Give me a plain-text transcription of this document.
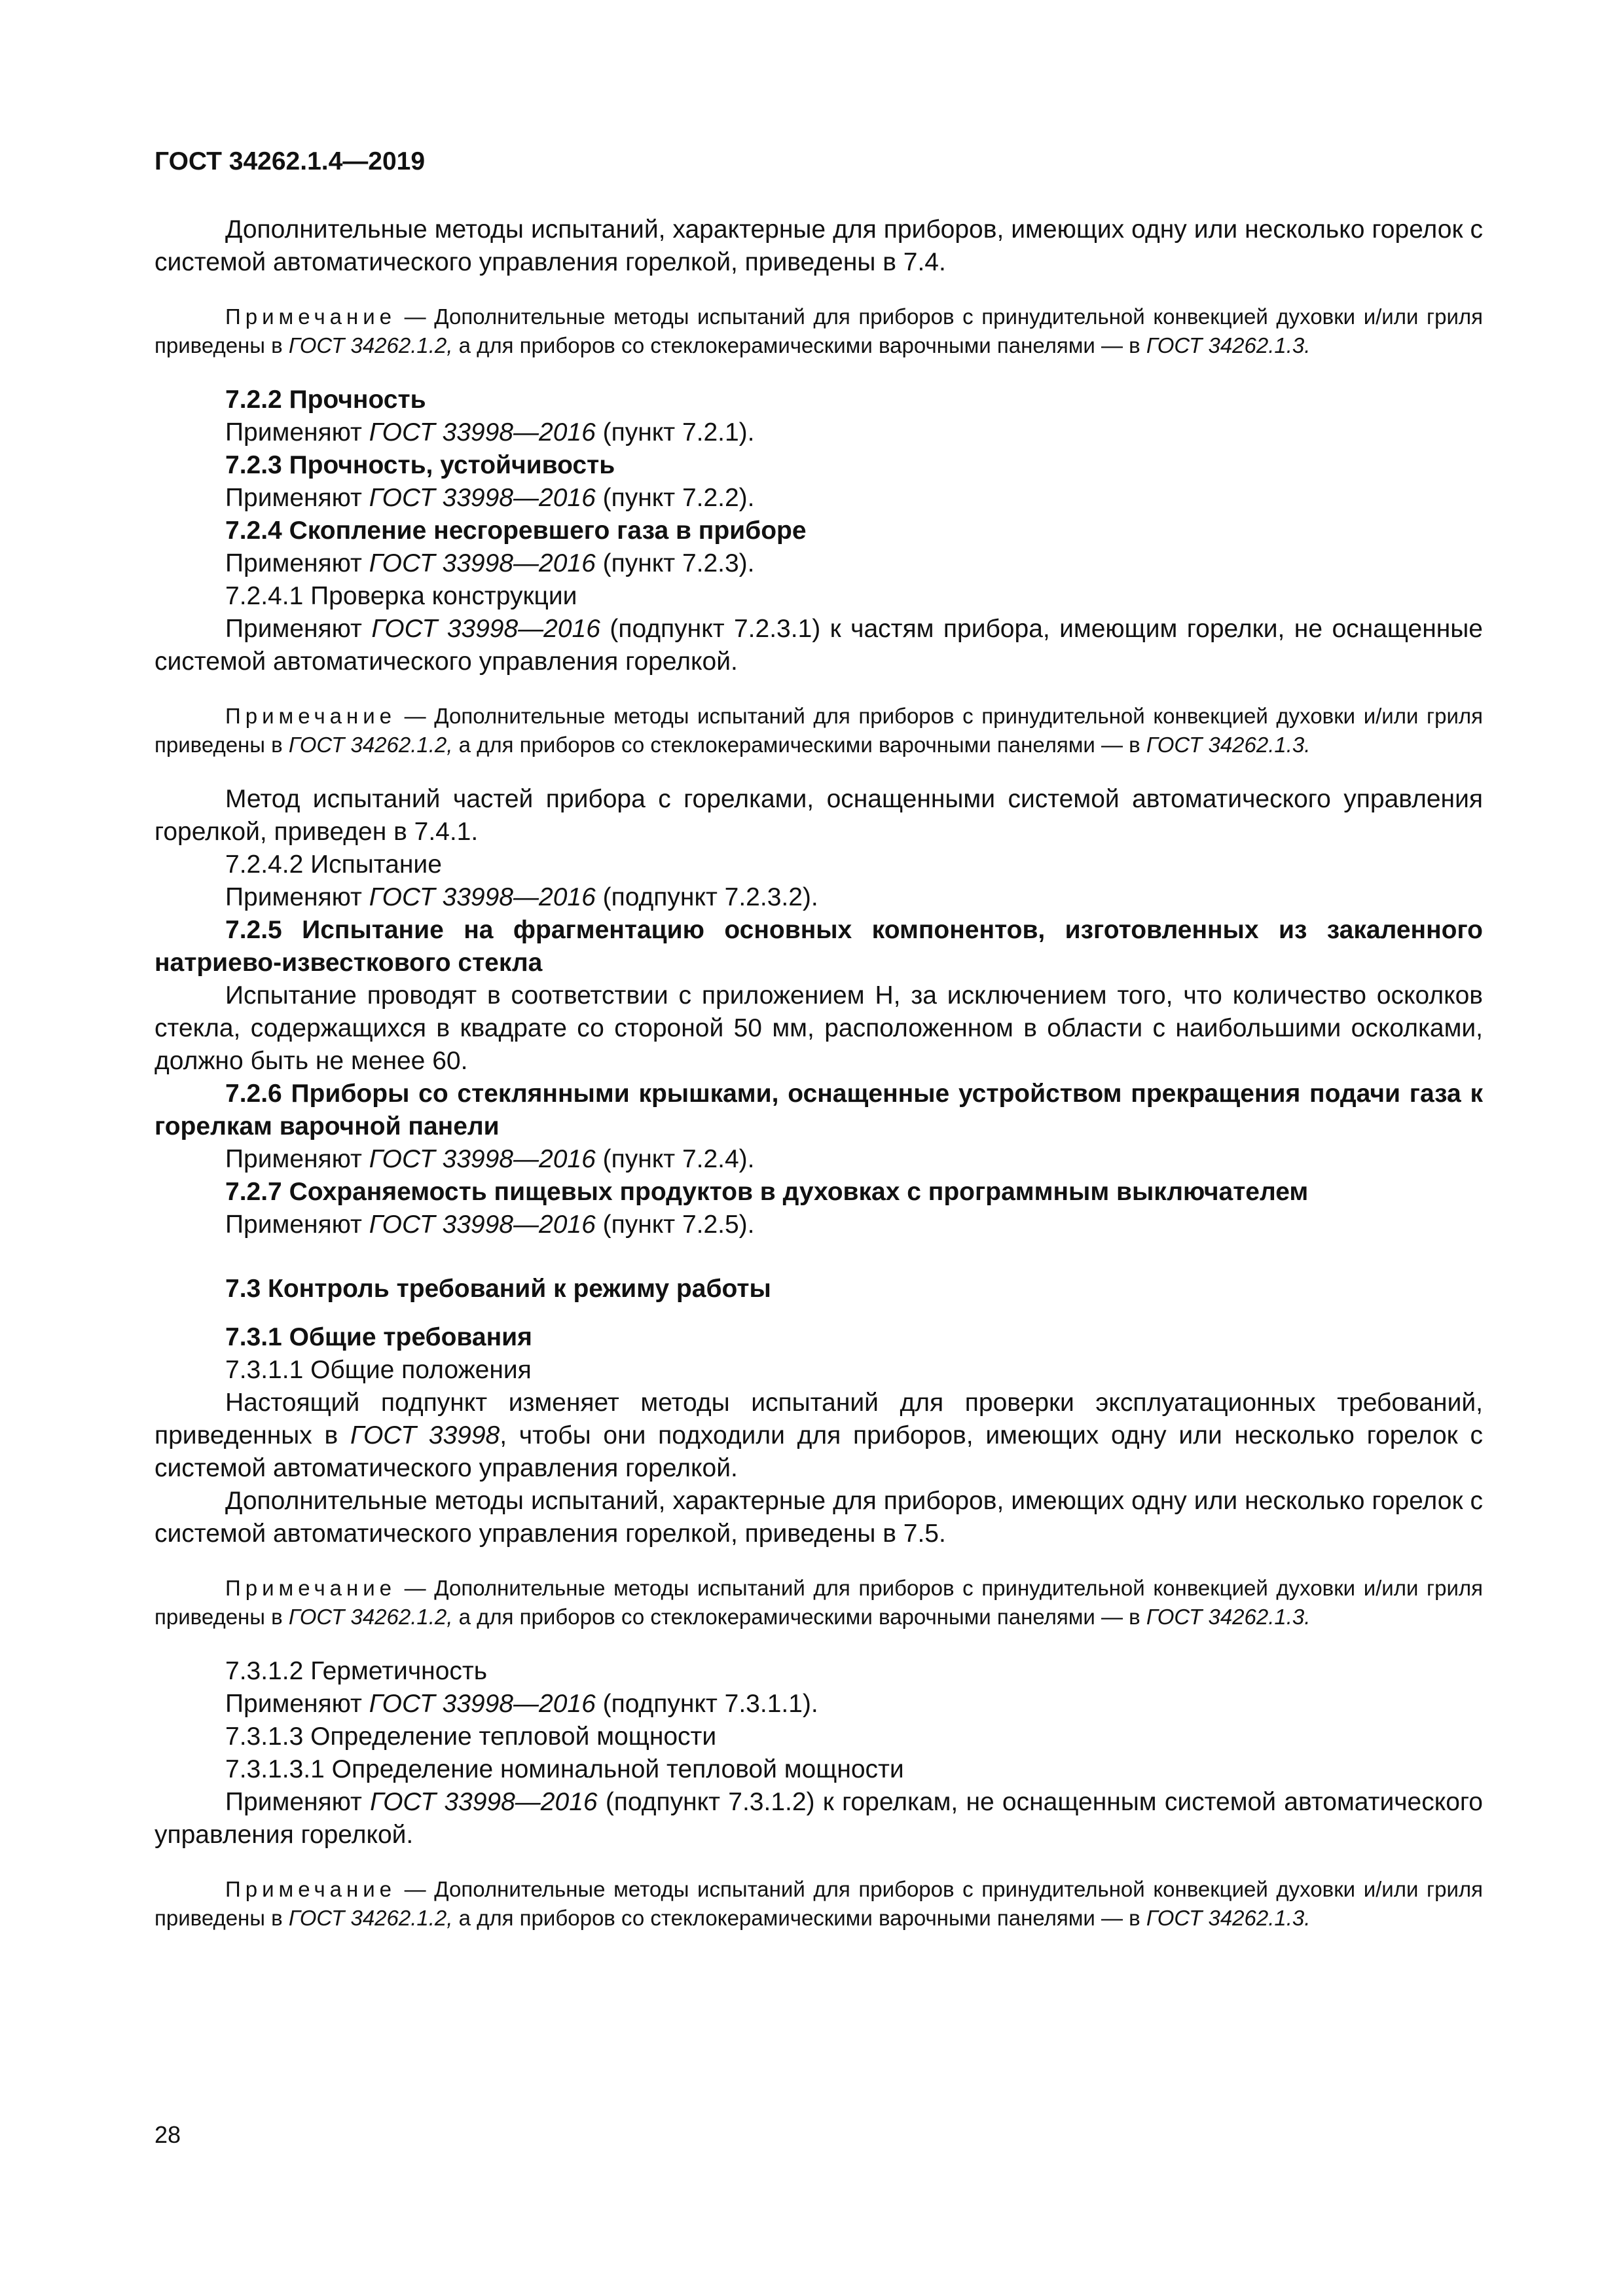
ГОСТ 34262.1.4—2019

Дополнительные методы испытаний, характерные для приборов, имеющих одну или несколько горелок с системой автоматического управления горелкой, приведены в 7.4.

Примечание — Дополнительные методы испытаний для приборов с принудительной конвекцией духовки и/или гриля приведены в ГОСТ 34262.1.2, а для приборов со стеклокерамическими варочными панелями — в ГОСТ 34262.1.3.

7.2.2 Прочность

Применяют ГОСТ 33998—2016 (пункт 7.2.1).

7.2.3 Прочность, устойчивость

Применяют ГОСТ 33998—2016 (пункт 7.2.2).

7.2.4 Скопление несгоревшего газа в приборе

Применяют ГОСТ 33998—2016 (пункт 7.2.3).

7.2.4.1 Проверка конструкции

Применяют ГОСТ 33998—2016 (подпункт 7.2.3.1) к частям прибора, имеющим горелки, не оснащенные системой автоматического управления горелкой.

Примечание — Дополнительные методы испытаний для приборов с принудительной конвекцией духовки и/или гриля приведены в ГОСТ 34262.1.2, а для приборов со стеклокерамическими варочными панелями — в ГОСТ 34262.1.3.

Метод испытаний частей прибора с горелками, оснащенными системой автоматического управления горелкой, приведен в 7.4.1.

7.2.4.2 Испытание

Применяют ГОСТ 33998—2016 (подпункт 7.2.3.2).

7.2.5 Испытание на фрагментацию основных компонентов, изготовленных из закаленного натриево-известкового стекла

Испытание проводят в соответствии с приложением Н, за исключением того, что количество осколков стекла, содержащихся в квадрате со стороной 50 мм, расположенном в области с наибольшими осколками, должно быть не менее 60.

7.2.6 Приборы со стеклянными крышками, оснащенные устройством прекращения подачи газа к горелкам варочной панели

Применяют ГОСТ 33998—2016 (пункт 7.2.4).

7.2.7 Сохраняемость пищевых продуктов в духовках с программным выключателем

Применяют ГОСТ 33998—2016 (пункт 7.2.5).

7.3 Контроль требований к режиму работы

7.3.1 Общие требования

7.3.1.1 Общие положения

Настоящий подпункт изменяет методы испытаний для проверки эксплуатационных требований, приведенных в ГОСТ 33998, чтобы они подходили для приборов, имеющих одну или несколько горелок с системой автоматического управления горелкой.

Дополнительные методы испытаний, характерные для приборов, имеющих одну или несколько горелок с системой автоматического управления горелкой, приведены в 7.5.

Примечание — Дополнительные методы испытаний для приборов с принудительной конвекцией духовки и/или гриля приведены в ГОСТ 34262.1.2, а для приборов со стеклокерамическими варочными панелями — в ГОСТ 34262.1.3.

7.3.1.2 Герметичность

Применяют ГОСТ 33998—2016 (подпункт 7.3.1.1).

7.3.1.3 Определение тепловой мощности

7.3.1.3.1 Определение номинальной тепловой мощности

Применяют ГОСТ 33998—2016 (подпункт 7.3.1.2) к горелкам, не оснащенным системой автоматического управления горелкой.

Примечание — Дополнительные методы испытаний для приборов с принудительной конвекцией духовки и/или гриля приведены в ГОСТ 34262.1.2, а для приборов со стеклокерамическими варочными панелями — в ГОСТ 34262.1.3.

28
